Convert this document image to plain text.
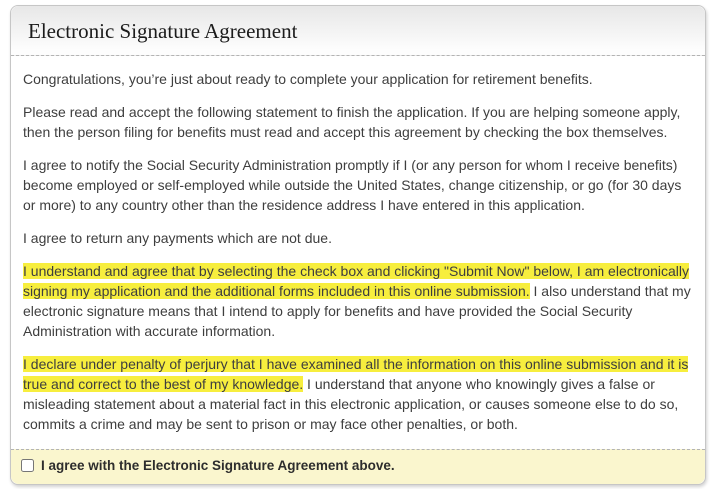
Electronic Signature Agreement

Congratulations, you’re just about ready to complete your application for retirement benefits.

Please read and accept the following statement to finish the application. If you are helping someone apply, then the person filing for benefits must read and accept this agreement by checking the box themselves.

I agree to notify the Social Security Administration promptly if I (or any person for whom I receive benefits) become employed or self-employed while outside the United States, change citizenship, or go (for 30 days or more) to any country other than the residence address I have entered in this application.

I agree to return any payments which are not due.

I understand and agree that by selecting the check box and clicking "Submit Now" below, I am electronically signing my application and the additional forms included in this online submission. I also understand that my electronic signature means that I intend to apply for benefits and have provided the Social Security Administration with accurate information.

I declare under penalty of perjury that I have examined all the information on this online submission and it is true and correct to the best of my knowledge. I understand that anyone who knowingly gives a false or misleading statement about a material fact in this electronic application, or causes someone else to do so, commits a crime and may be sent to prison or may face other penalties, or both.

I agree with the Electronic Signature Agreement above.
